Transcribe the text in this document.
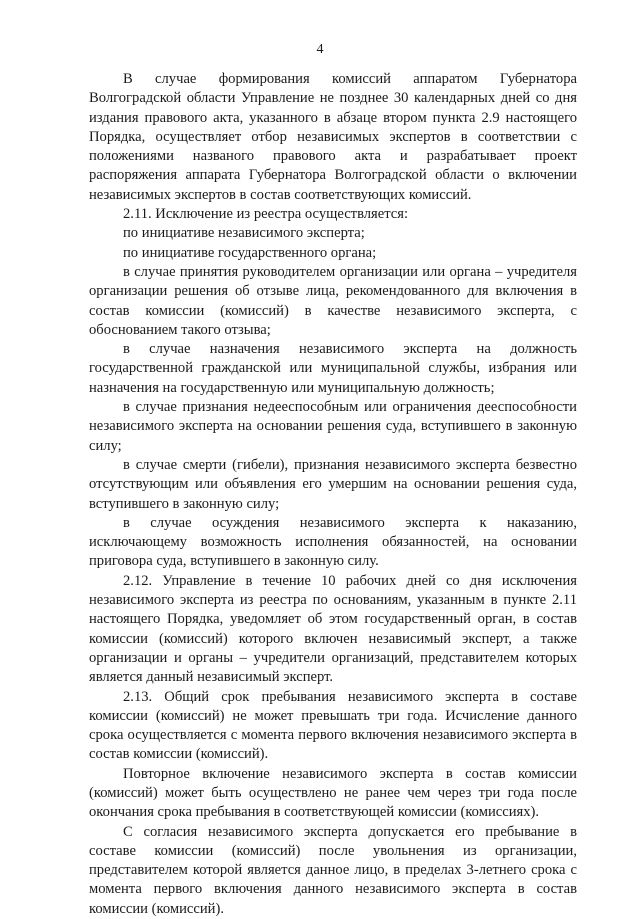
4

В случае формирования комиссий аппаратом Губернатора Волгоградской области Управление не позднее 30 календарных дней со дня издания правового акта, указанного в абзаце втором пункта 2.9 настоящего Порядка, осуществляет отбор независимых экспертов в соответствии с положениями названого правового акта и разрабатывает проект распоряжения аппарата Губернатора Волгоградской области о включении независимых экспертов в состав соответствующих комиссий.

2.11. Исключение из реестра осуществляется:

по инициативе независимого эксперта;

по инициативе государственного органа;

в случае принятия руководителем организации или органа – учредителя организации решения об отзыве лица, рекомендованного для включения в состав комиссии (комиссий) в качестве независимого эксперта, с обоснованием такого отзыва;

в случае назначения независимого эксперта на должность государственной гражданской или муниципальной службы, избрания или назначения на государственную или муниципальную должность;

в случае признания недееспособным или ограничения дееспособности независимого эксперта на основании решения суда, вступившего в законную силу;

в случае смерти (гибели), признания независимого эксперта безвестно отсутствующим или объявления его умершим на основании решения суда, вступившего в законную силу;

в случае осуждения независимого эксперта к наказанию, исключающему возможность исполнения обязанностей, на основании приговора суда, вступившего в законную силу.

2.12. Управление в течение 10 рабочих дней со дня исключения независимого эксперта из реестра по основаниям, указанным в пункте 2.11 настоящего Порядка, уведомляет об этом государственный орган, в состав комиссии (комиссий) которого включен независимый эксперт, а также организации и органы – учредители организаций, представителем которых является данный независимый эксперт.

2.13. Общий срок пребывания независимого эксперта в составе комиссии (комиссий) не может превышать три года. Исчисление данного срока осуществляется с момента первого включения независимого эксперта в состав комиссии (комиссий).

Повторное включение независимого эксперта в состав комиссии (комиссий) может быть осуществлено не ранее чем через три года после окончания срока пребывания в соответствующей комиссии (комиссиях).

С согласия независимого эксперта допускается его пребывание в составе комиссии (комиссий) после увольнения из организации, представителем которой является данное лицо, в пределах 3-летнего срока с момента первого включения данного независимого эксперта в состав комиссии (комиссий).
